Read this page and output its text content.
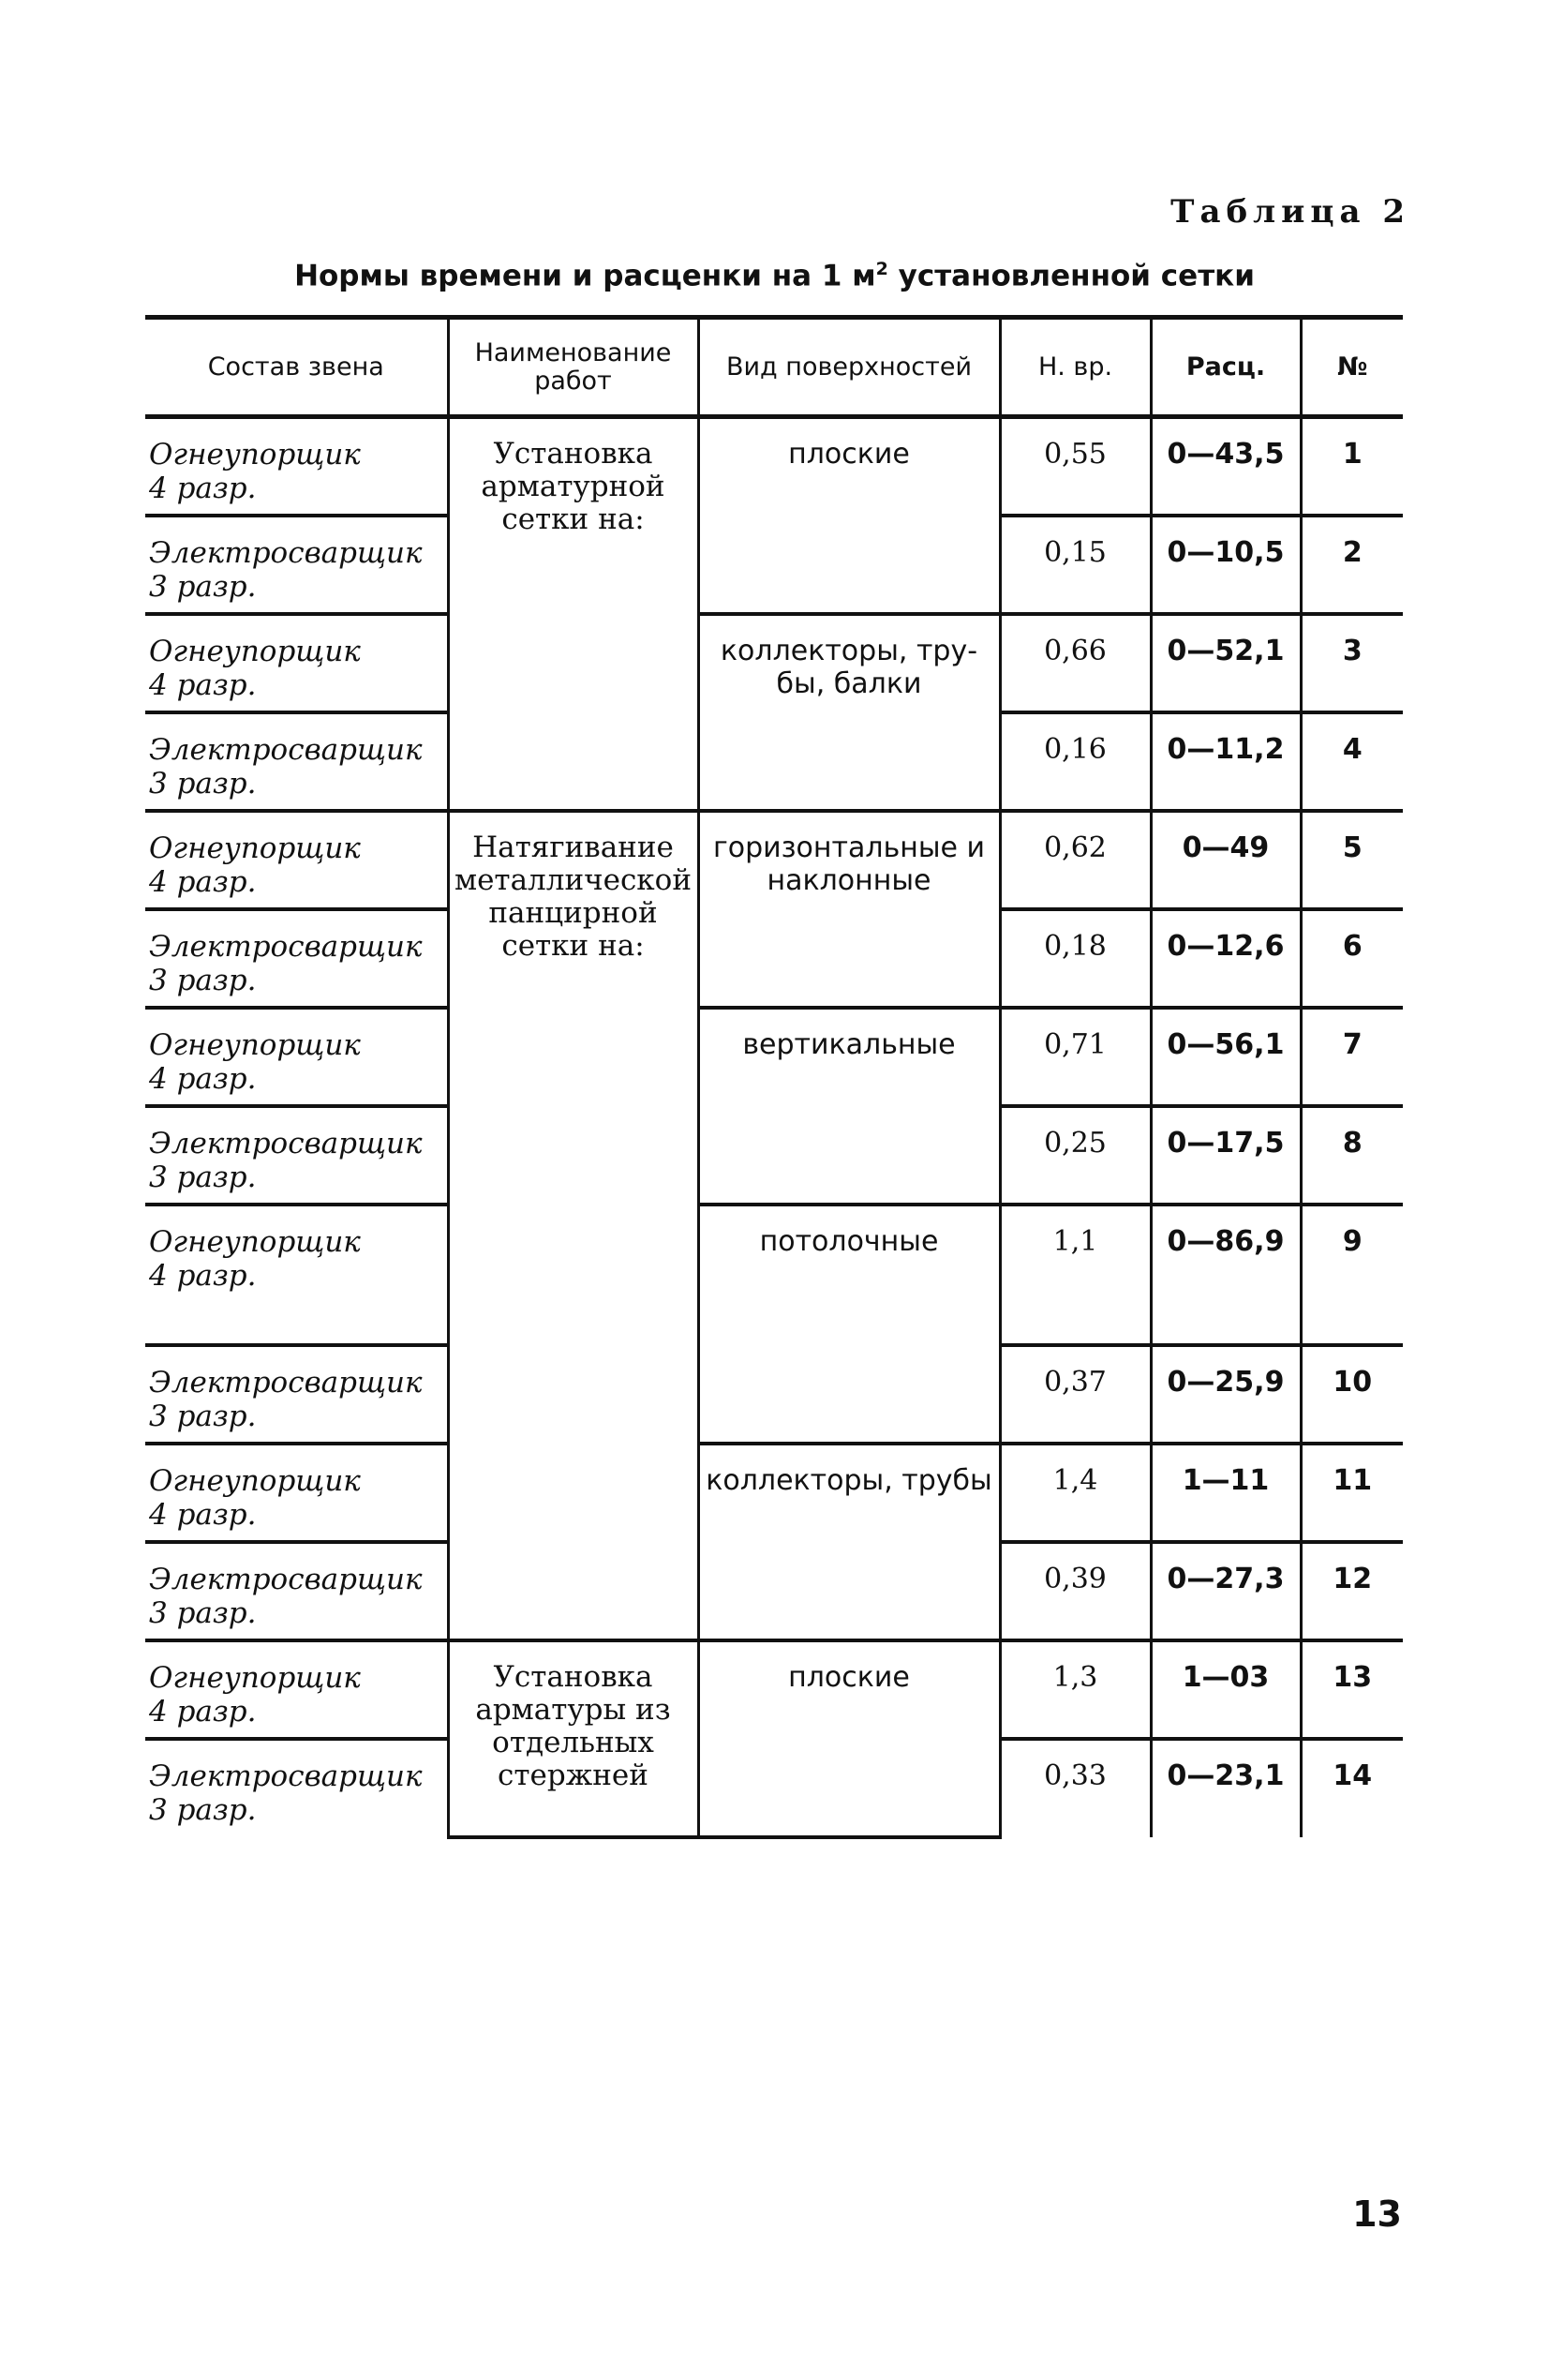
Таблица 2
Нормы времени и расценки на 1 $м^2$ установленной сетки
Состав звена	Наименование работ	Вид поверхностей	Н. вр.	Расц.	№

Огнеупорщик
4 разр.	Установка арматурной сетки на:	плоские	0,55	0—43,5	1

Электросварщик
3 разр.			0,15	0—10,5	2

Огнеупорщик
4 разр.		коллекторы, тру-бы, балки	0,66	0—52,1	3

Электросварщик
3 разр.			0,16	0—11,2	4

Огнеупорщик
4 разр.	Натягивание металлической панцирной сетки на:	горизонтальные и наклонные	0,62	0—49	5

Электросварщик
3 разр.			0,18	0—12,6	6

Огнеупорщик
4 разр.		вертикальные	0,71	0—56,1	7

Электросварщик
3 разр.			0,25	0—17,5	8

Огнеупорщик
4 разр.		потолочные	1,1	0—86,9	9

Электросварщик
3 разр.			0,37	0—25,9	10

Огнеупорщик
4 разр.		коллекторы, трубы	1,4	1—11	11

Электросварщик
3 разр.			0,39	0—27,3	12

Огнеупорщик
4 разр.	Установка арматуры из отдельных стержней	плоские	1,3	1—03	13

Электросварщик
3 разр.			0,33	0—23,1	14
13
